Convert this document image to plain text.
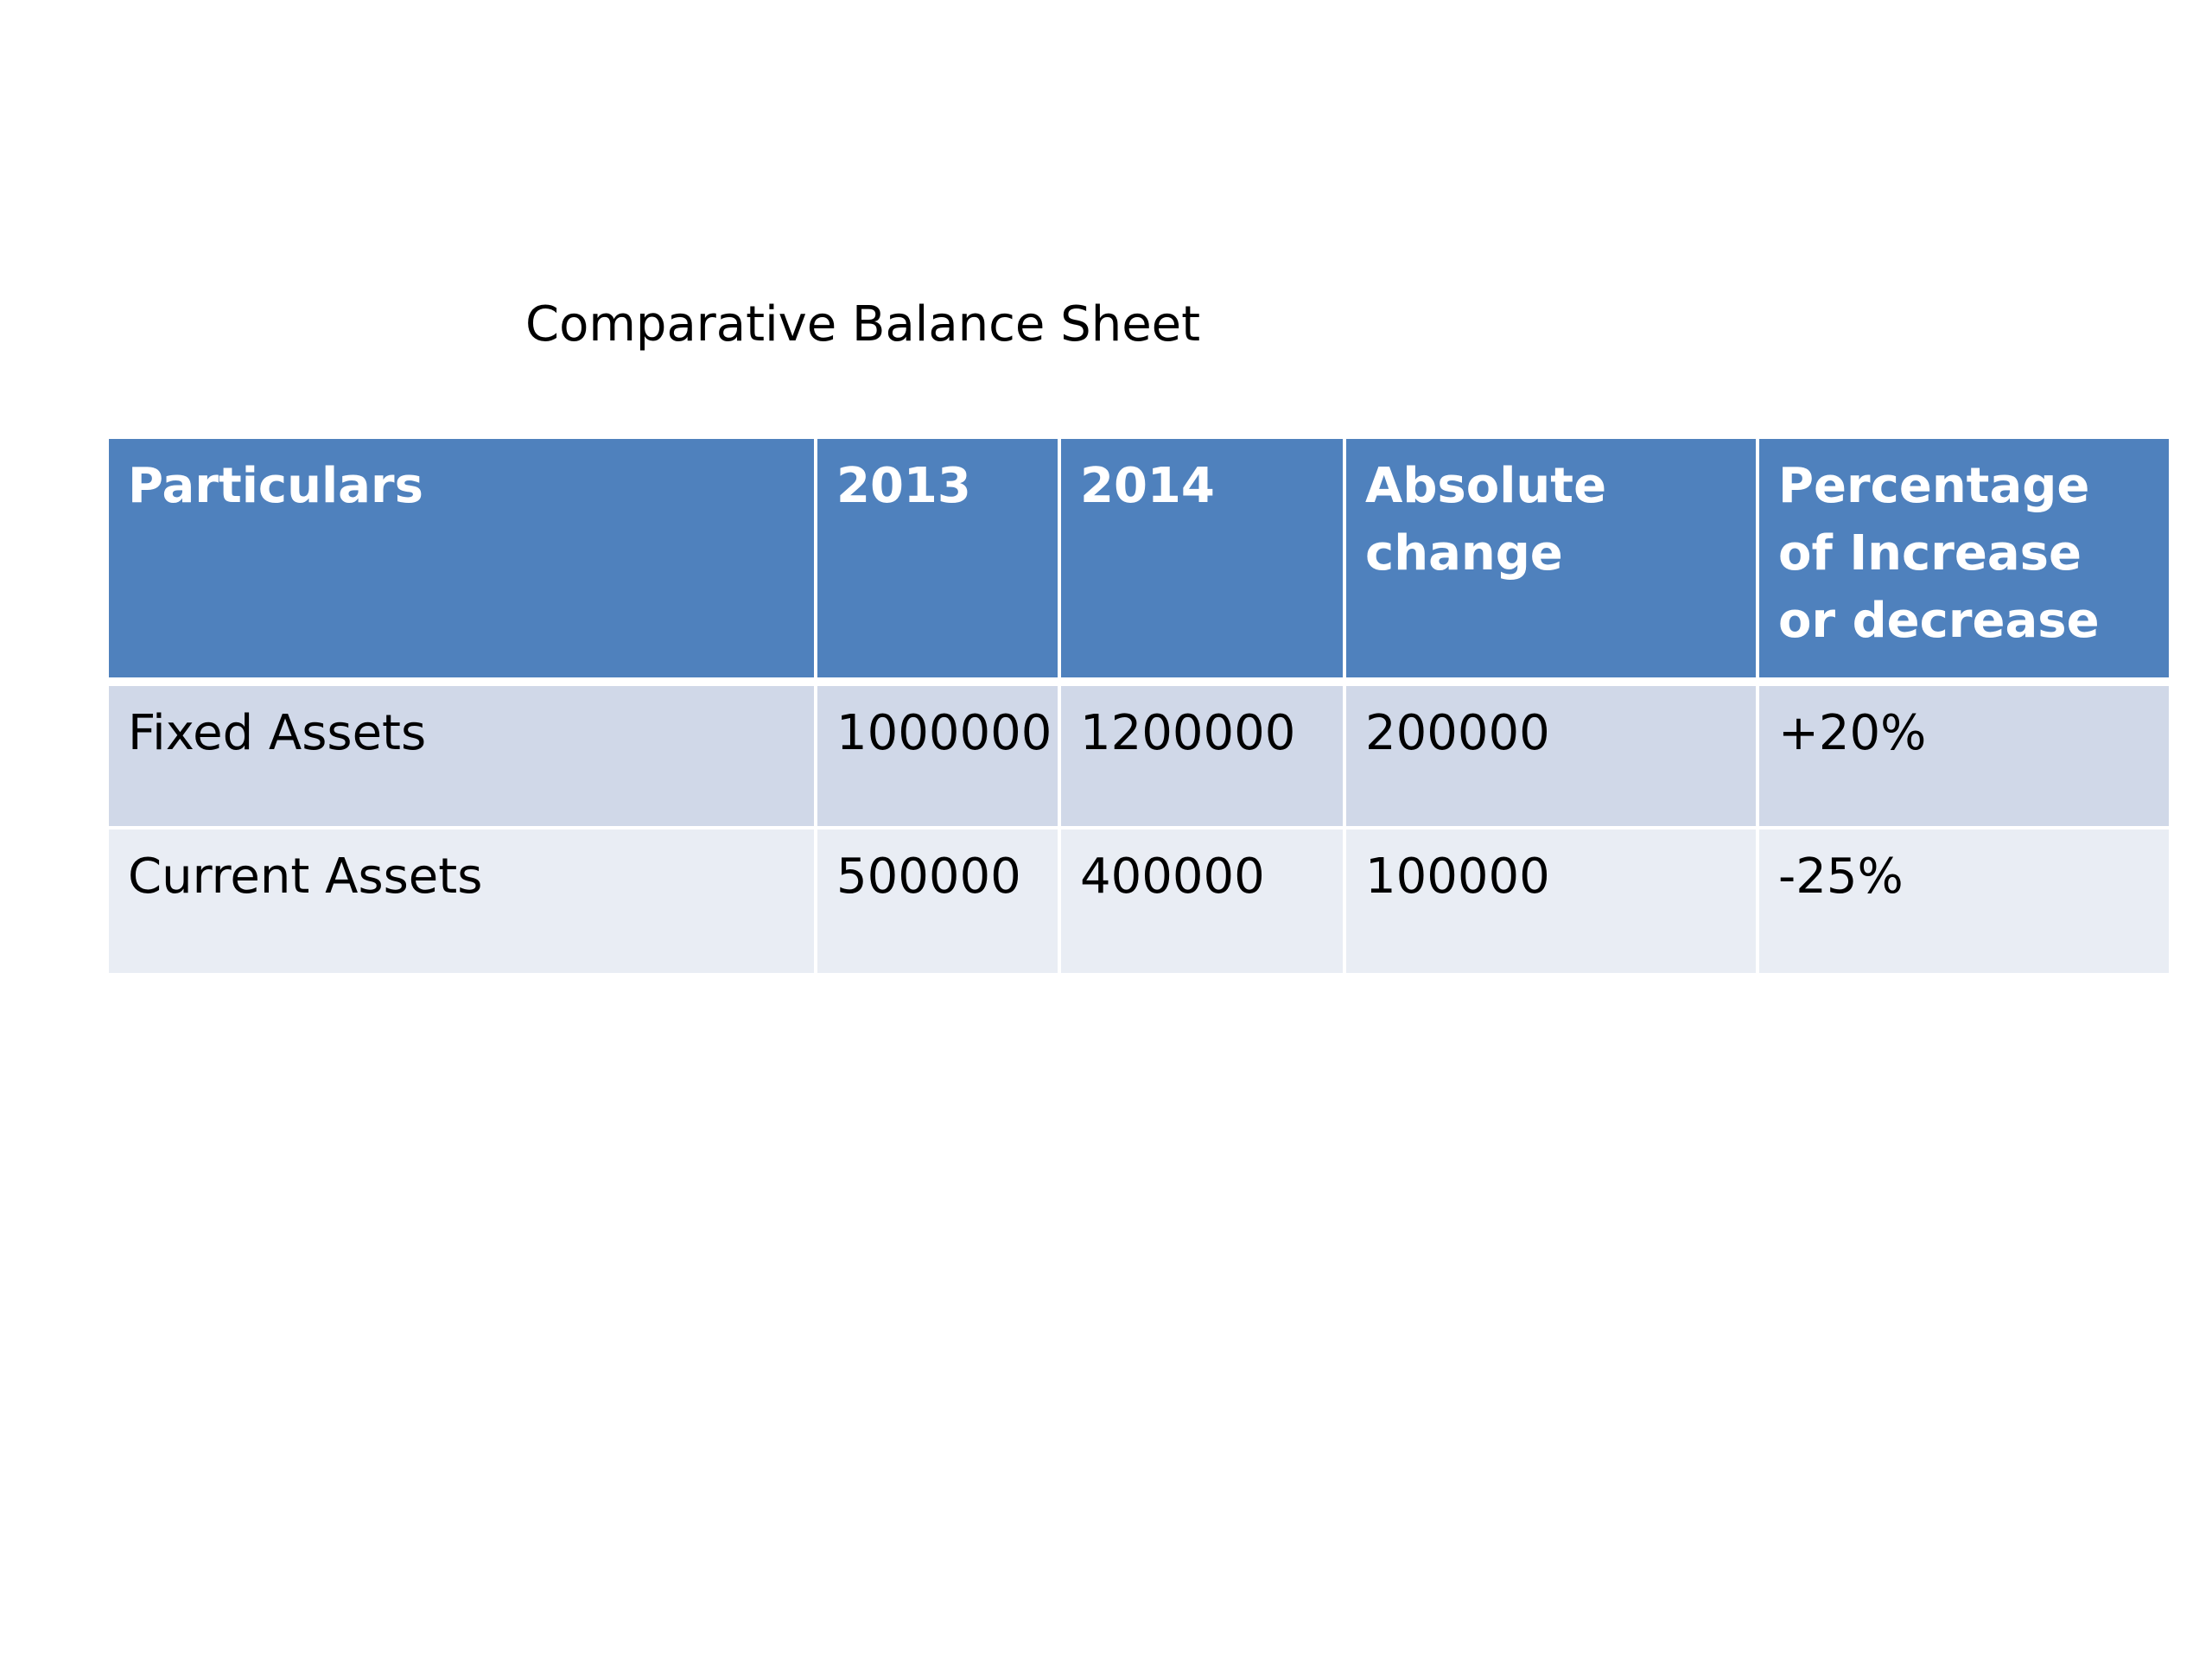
Comparative Balance Sheet
Particulars	2013	2014	Absolute change	Percentage of Increase or decrease
Fixed Assets	1000000	1200000	200000	+20%
Current Assets	500000	400000	100000	-25%
